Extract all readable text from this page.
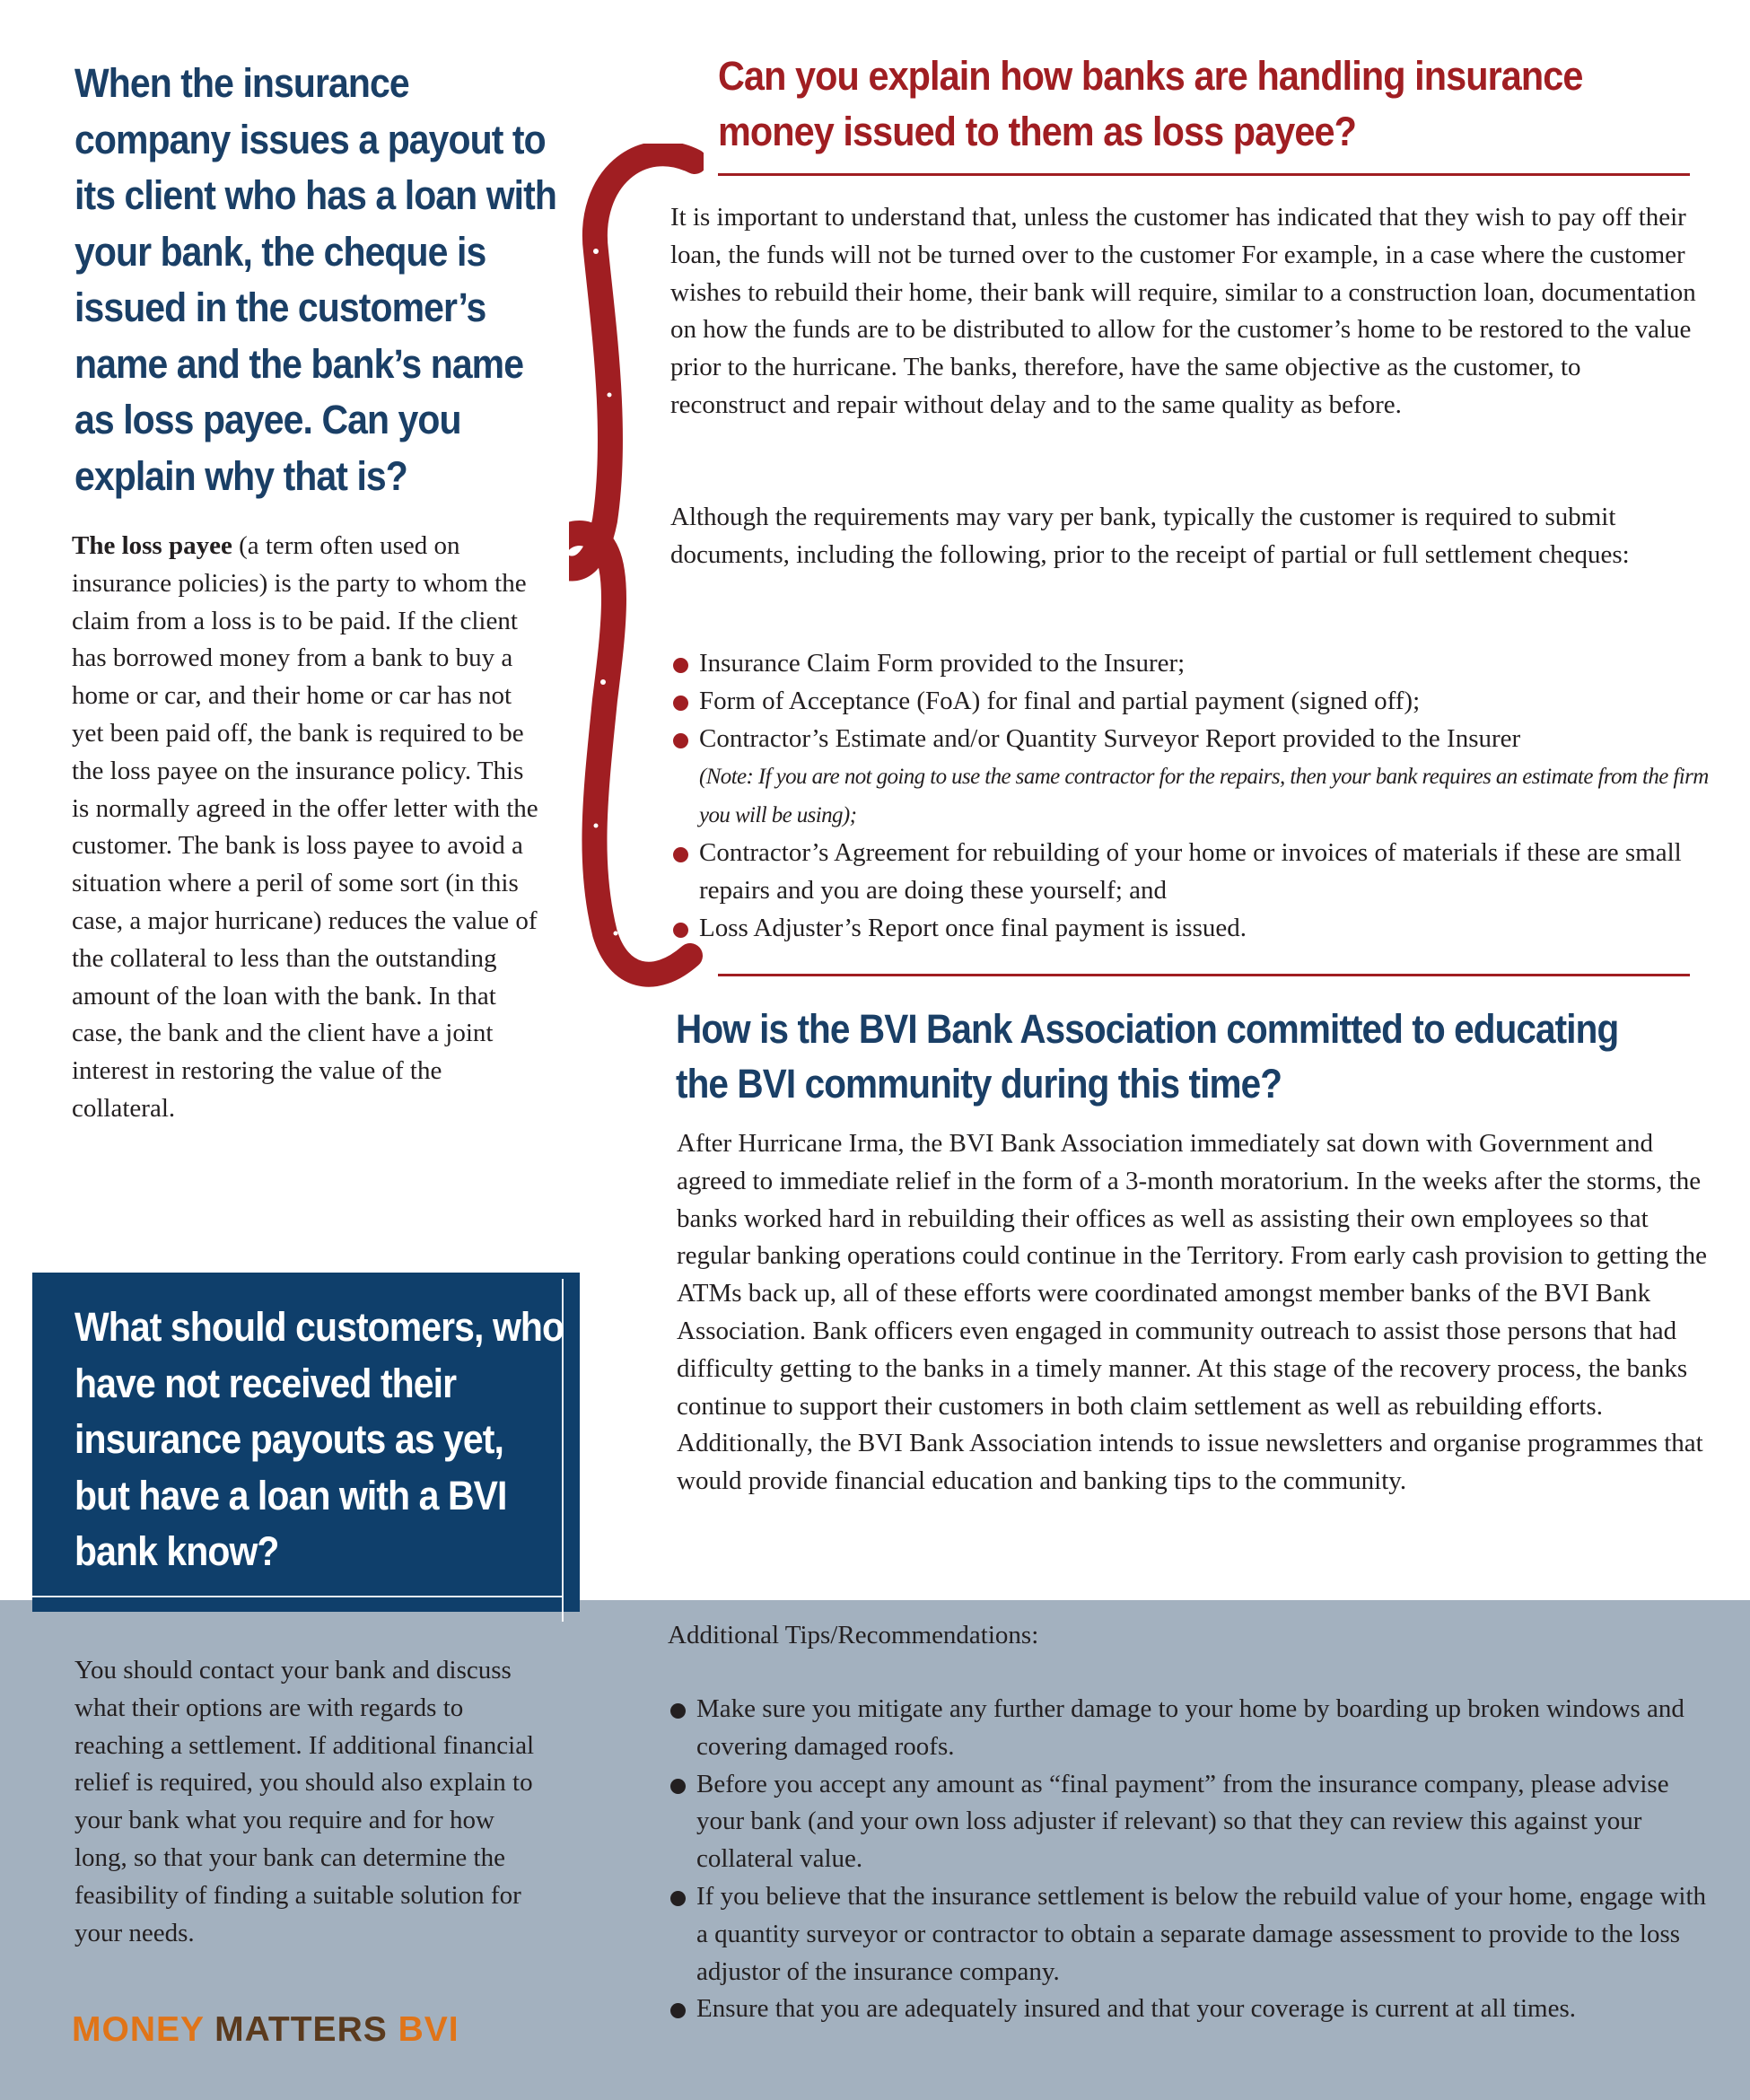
When the insurance company issues a payout to its client who has a loan with your bank, the cheque is issued in the customer’s name and the bank’s name as loss payee. Can you explain why that is?
The loss payee (a term often used on insurance policies) is the party to whom the claim from a loss is to be paid. If the client has borrowed money from a bank to buy a home or car, and their home or car has not yet been paid off, the bank is required to be the loss payee on the insurance policy. This is normally agreed in the offer letter with the customer. The bank is loss payee to avoid a situation where a peril of some sort (in this case, a major hurricane) reduces the value of the collateral to less than the outstanding amount of the loan with the bank. In that case, the bank and the client have a joint interest in restoring the value of the collateral.
What should customers, who have not received their insurance payouts as yet, but have a loan with a BVI bank know?
You should contact your bank and discuss what their options are with regards to reaching a settlement. If additional financial relief is required, you should also explain to your bank what you require and for how long, so that your bank can determine the feasibility of finding a suitable solution for your needs.
MONEY MATTERS BVI
Can you explain how banks are handling insurance money issued to them as loss payee?
It is important to understand that, unless the customer has indicated that they wish to pay off their loan, the funds will not be turned over to the customer For example, in a case where the customer wishes to rebuild their home, their bank will require, similar to a construction loan, documentation on how the funds are to be distributed to allow for the customer’s home to be restored to the value prior to the hurricane. The banks, therefore, have the same objective as the customer, to reconstruct and repair without delay and to the same quality as before.
Although the requirements may vary per bank, typically the customer is required to submit documents, including the following, prior to the receipt of partial or full settlement cheques:
Insurance Claim Form provided to the Insurer;
Form of Acceptance (FoA) for final and partial payment (signed off);
Contractor’s Estimate and/or Quantity Surveyor Report provided to the Insurer
(Note: If you are not going to use the same contractor for the repairs, then your bank requires an estimate from the firm you will be using);
Contractor’s Agreement for rebuilding of your home or invoices of materials if these are small repairs and you are doing these yourself; and
Loss Adjuster’s Report once final payment is issued.
How is the BVI Bank Association committed to educating the BVI community during this time?
After Hurricane Irma, the BVI Bank Association immediately sat down with Government and agreed to immediate relief in the form of a 3-month moratorium. In the weeks after the storms, the banks worked hard in rebuilding their offices as well as assisting their own employees so that regular banking operations could continue in the Territory. From early cash provision to getting the ATMs back up, all of these efforts were coordinated amongst member banks of the BVI Bank Association. Bank officers even engaged in community outreach to assist those persons that had difficulty getting to the banks in a timely manner. At this stage of the recovery process, the banks continue to support their customers in both claim settlement as well as rebuilding efforts. Additionally, the BVI Bank Association intends to issue newsletters and organise programmes that would provide financial education and banking tips to the community.
Additional Tips/Recommendations:
Make sure you mitigate any further damage to your home by boarding up broken windows and covering damaged roofs.
Before you accept any amount as “final payment” from the insurance company, please advise your bank (and your own loss adjuster if relevant) so that they can review this against your collateral value.
If you believe that the insurance settlement is below the rebuild value of your home, engage with a quantity surveyor or contractor to obtain a separate damage assessment to provide to the loss adjustor of the insurance company.
Ensure that you are adequately insured and that your coverage is current at all times.
